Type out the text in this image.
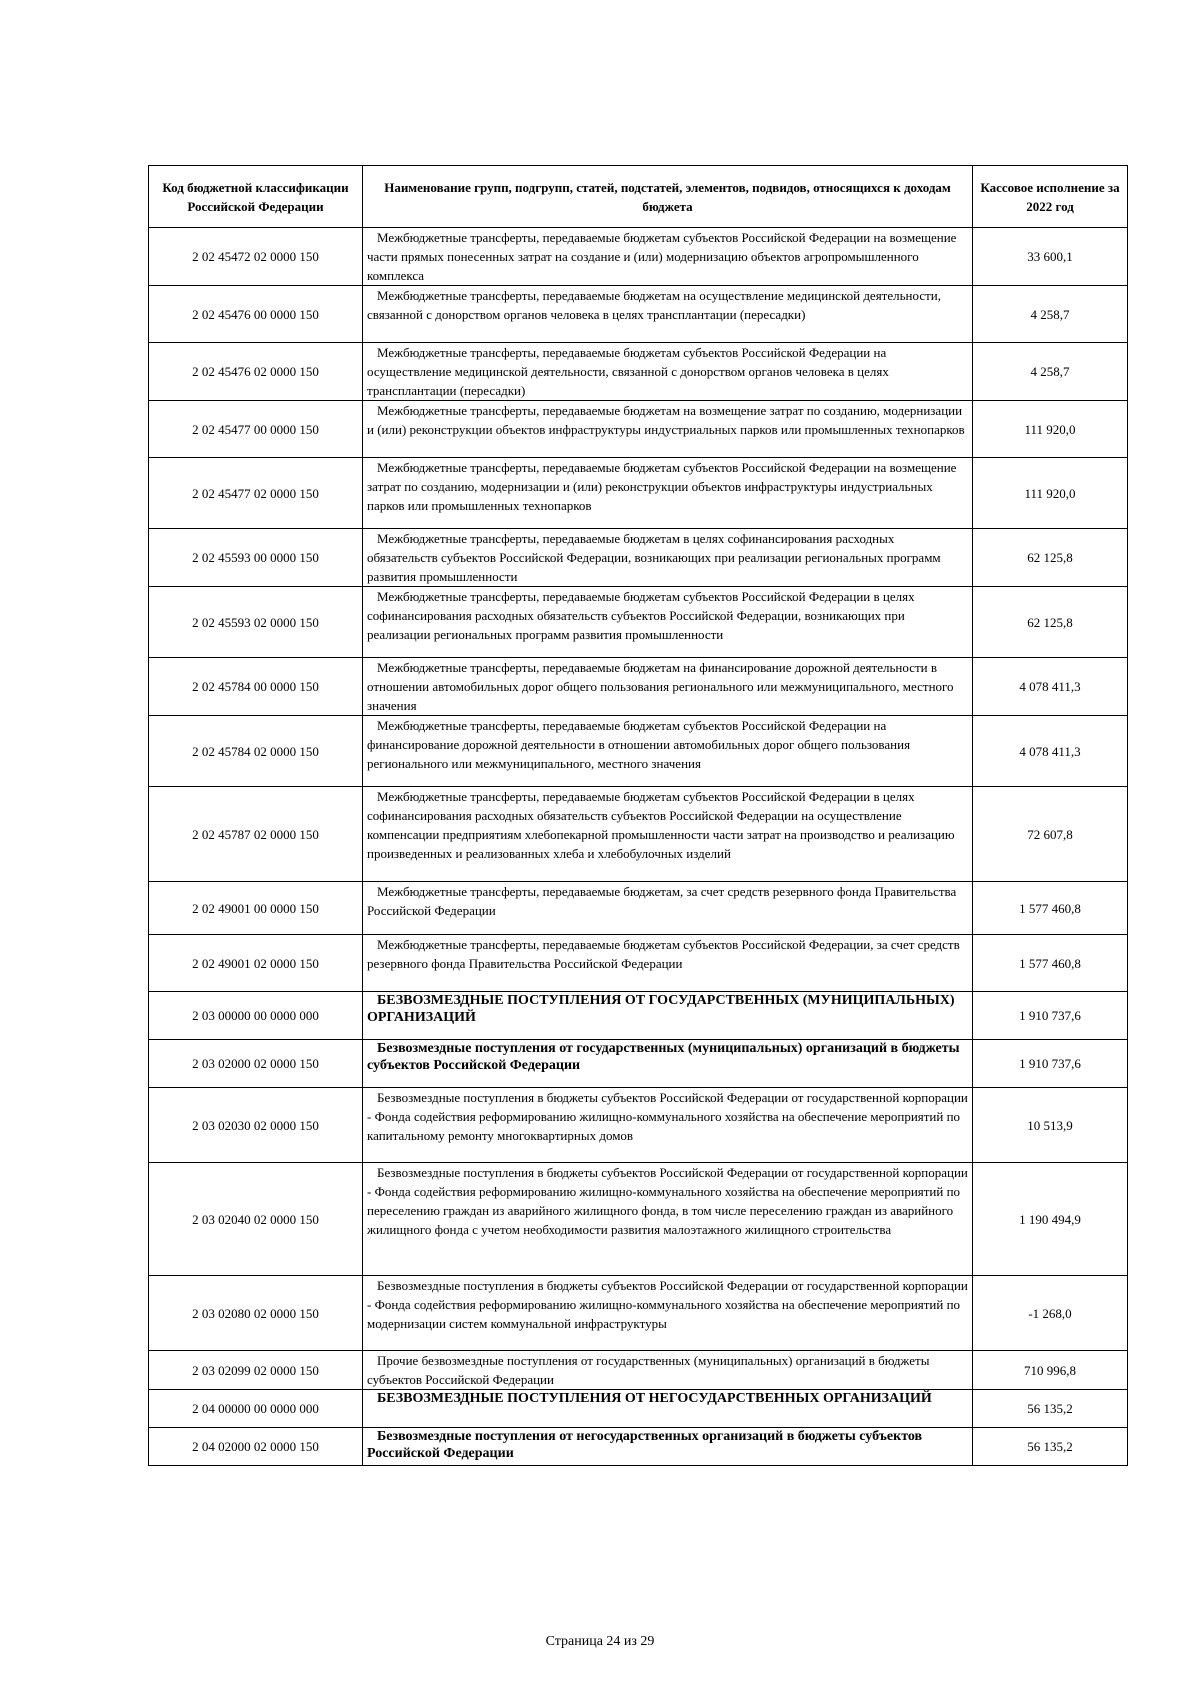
Код бюджетной классификации Российской Федерации	Наименование групп, подгрупп, статей, подстатей, элементов, подвидов, относящихся к доходам бюджета	Кассовое исполнение за 2022 год
2 02 45472 02 0000 150	Межбюджетные трансферты, передаваемые бюджетам субъектов Российской Федерации на возмещение части прямых понесенных затрат на создание и (или) модернизацию объектов агропромышленного комплекса	33 600,1
2 02 45476 00 0000 150	Межбюджетные трансферты, передаваемые бюджетам на осуществление медицинской деятельности, связанной с донорством органов человека в целях трансплантации (пересадки)	4 258,7
2 02 45476 02 0000 150	Межбюджетные трансферты, передаваемые бюджетам субъектов Российской Федерации на осуществление медицинской деятельности, связанной с донорством органов человека в целях трансплантации (пересадки)	4 258,7
2 02 45477 00 0000 150	Межбюджетные трансферты, передаваемые бюджетам на возмещение затрат по созданию, модернизации и (или) реконструкции объектов инфраструктуры индустриальных парков или промышленных технопарков	111 920,0
2 02 45477 02 0000 150	Межбюджетные трансферты, передаваемые бюджетам субъектов Российской Федерации на возмещение затрат по созданию, модернизации и (или) реконструкции объектов инфраструктуры индустриальных парков или промышленных технопарков	111 920,0
2 02 45593 00 0000 150	Межбюджетные трансферты, передаваемые бюджетам в целях софинансирования расходных обязательств субъектов Российской Федерации, возникающих при реализации региональных программ развития промышленности	62 125,8
2 02 45593 02 0000 150	Межбюджетные трансферты, передаваемые бюджетам субъектов Российской Федерации в целях софинансирования расходных обязательств субъектов Российской Федерации, возникающих при реализации региональных программ развития промышленности	62 125,8
2 02 45784 00 0000 150	Межбюджетные трансферты, передаваемые бюджетам на финансирование дорожной деятельности в отношении автомобильных дорог общего пользования регионального или межмуниципального, местного значения	4 078 411,3
2 02 45784 02 0000 150	Межбюджетные трансферты, передаваемые бюджетам субъектов Российской Федерации на финансирование дорожной деятельности в отношении автомобильных дорог общего пользования регионального или межмуниципального, местного значения	4 078 411,3
2 02 45787 02 0000 150	Межбюджетные трансферты, передаваемые бюджетам субъектов Российской Федерации в целях софинансирования расходных обязательств субъектов Российской Федерации на осуществление компенсации предприятиям хлебопекарной промышленности части затрат на производство и реализацию произведенных и реализованных хлеба и хлебобулочных изделий	72 607,8
2 02 49001 00 0000 150	Межбюджетные трансферты, передаваемые бюджетам, за счет средств резервного фонда Правительства Российской Федерации	1 577 460,8
2 02 49001 02 0000 150	Межбюджетные трансферты, передаваемые бюджетам субъектов Российской Федерации, за счет средств резервного фонда Правительства Российской Федерации	1 577 460,8
2 03 00000 00 0000 000	БЕЗВОЗМЕЗДНЫЕ ПОСТУПЛЕНИЯ ОТ ГОСУДАРСТВЕННЫХ (МУНИЦИПАЛЬНЫХ) ОРГАНИЗАЦИЙ	1 910 737,6
2 03 02000 02 0000 150	Безвозмездные поступления от государственных (муниципальных) организаций в бюджеты субъектов Российской Федерации	1 910 737,6
2 03 02030 02 0000 150	Безвозмездные поступления в бюджеты субъектов Российской Федерации от государственной корпорации - Фонда содействия реформированию жилищно-коммунального хозяйства на обеспечение мероприятий по капитальному ремонту многоквартирных домов	10 513,9
2 03 02040 02 0000 150	Безвозмездные поступления в бюджеты субъектов Российской Федерации от государственной корпорации - Фонда содействия реформированию жилищно-коммунального хозяйства на обеспечение мероприятий по переселению граждан из аварийного жилищного фонда, в том числе переселению граждан из аварийного жилищного фонда с учетом необходимости развития малоэтажного жилищного строительства	1 190 494,9
2 03 02080 02 0000 150	Безвозмездные поступления в бюджеты субъектов Российской Федерации от государственной корпорации - Фонда содействия реформированию жилищно-коммунального хозяйства на обеспечение мероприятий по модернизации систем коммунальной инфраструктуры	-1 268,0
2 03 02099 02 0000 150	Прочие безвозмездные поступления от государственных (муниципальных) организаций в бюджеты субъектов Российской Федерации	710 996,8
2 04 00000 00 0000 000	БЕЗВОЗМЕЗДНЫЕ ПОСТУПЛЕНИЯ ОТ НЕГОСУДАРСТВЕННЫХ ОРГАНИЗАЦИЙ	56 135,2
2 04 02000 02 0000 150	Безвозмездные поступления от негосударственных организаций в бюджеты субъектов Российской Федерации	56 135,2
Страница 24 из 29
